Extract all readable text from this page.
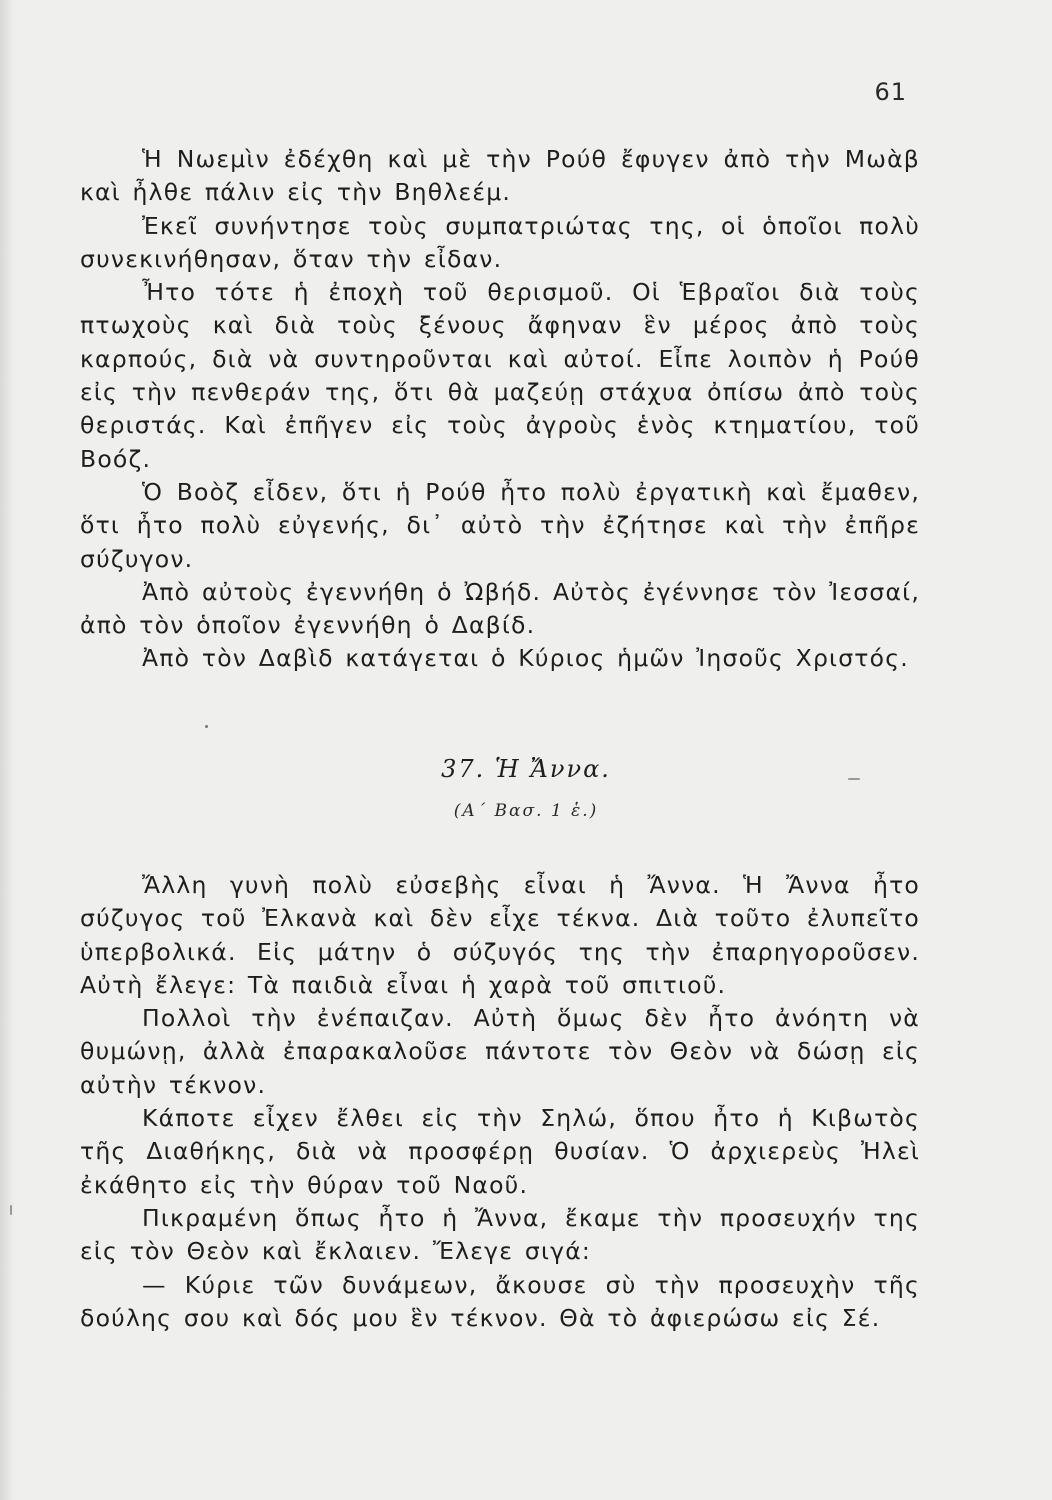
61

Ἡ Νωεμὶν ἐδέχθη καὶ μὲ τὴν Ρούθ ἔφυγεν ἀπὸ τὴν Μωὰβ καὶ ἦλθε πάλιν εἰς τὴν Βηθλεέμ.

Ἐκεῖ συνήντησε τοὺς συμπατριώτας της, οἱ ὁποῖοι πολὺ συνεκινήθησαν, ὅταν τὴν εἶδαν.

Ἦτο τότε ἡ ἐποχὴ τοῦ θερισμοῦ. Οἱ Ἑβραῖοι διὰ τοὺς πτωχοὺς καὶ διὰ τοὺς ξένους ἄφηναν ἓν μέρος ἀπὸ τοὺς καρπούς, διὰ νὰ συντηροῦνται καὶ αὐτοί. Εἶπε λοιπὸν ἡ Ρούθ εἰς τὴν πενθεράν της, ὅτι θὰ μαζεύῃ στάχυα ὀπίσω ἀπὸ τοὺς θεριστάς. Καὶ ἐπῆγεν εἰς τοὺς ἀγροὺς ἑνὸς κτηματίου, τοῦ Βοόζ.

Ὁ Βοὸζ εἶδεν, ὅτι ἡ Ρούθ ἦτο πολὺ ἐργατικὴ καὶ ἔμαθεν, ὅτι ἦτο πολὺ εὐγενής, δι᾿ αὐτὸ τὴν ἐζήτησε καὶ τὴν ἐπῆρε σύζυγον.

Ἀπὸ αὐτοὺς ἐγεννήθη ὁ Ὠβήδ. Αὐτὸς ἐγέννησε τὸν Ἰεσσαί, ἀπὸ τὸν ὁποῖον ἐγεννήθη ὁ Δαβίδ.

Ἀπὸ τὸν Δαβὶδ κατάγεται ὁ Κύριος ἡμῶν Ἰησοῦς Χριστός.

37. Ἡ Ἄννα.
(Α´ Βασ. 1 ἑ.)

Ἄλλη γυνὴ πολὺ εὐσεβὴς εἶναι ἡ Ἄννα. Ἡ Ἄννα ἦτο σύζυγος τοῦ Ἐλκανὰ καὶ δὲν εἶχε τέκνα. Διὰ τοῦτο ἐλυπεῖτο ὑπερβολικά. Εἰς μάτην ὁ σύζυγός της τὴν ἐπαρηγοροῦσεν. Αὐτὴ ἔλεγε: Τὰ παιδιὰ εἶναι ἡ χαρὰ τοῦ σπιτιοῦ.

Πολλοὶ τὴν ἐνέπαιζαν. Αὐτὴ ὅμως δὲν ἦτο ἀνόητη νὰ θυμώνῃ, ἀλλὰ ἐπαρακαλοῦσε πάντοτε τὸν Θεὸν νὰ δώσῃ εἰς αὐτὴν τέκνον.

Κάποτε εἶχεν ἔλθει εἰς τὴν Σηλώ, ὅπου ἦτο ἡ Κιβωτὸς τῆς Διαθήκης, διὰ νὰ προσφέρῃ θυσίαν. Ὁ ἀρχιερεὺς Ἠλεὶ ἐκάθητο εἰς τὴν θύραν τοῦ Ναοῦ.

Πικραμένη ὅπως ἦτο ἡ Ἄννα, ἔκαμε τὴν προσευχήν της εἰς τὸν Θεὸν καὶ ἔκλαιεν. Ἔλεγε σιγά:

— Κύριε τῶν δυνάμεων, ἄκουσε σὺ τὴν προσευχὴν τῆς δούλης σου καὶ δός μου ἓν τέκνον. Θὰ τὸ ἀφιερώσω εἰς Σέ.
